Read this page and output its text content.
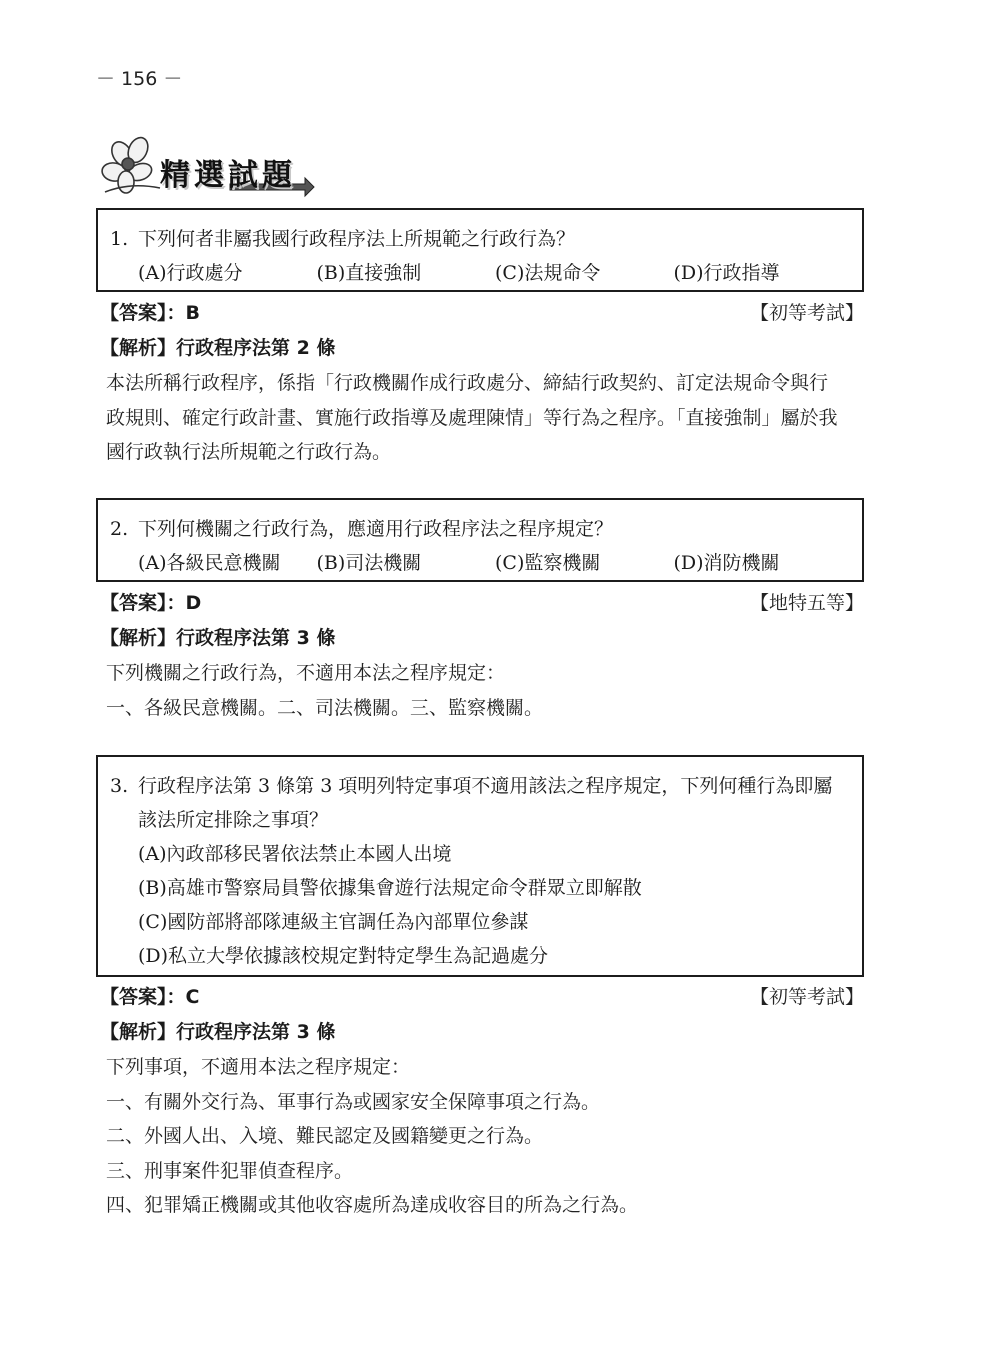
－ 156 －
精選試題
1. 下列何者非屬我國行政程序法上所規範之行政行為？
(A)行政處分	(B)直接強制	(C)法規命令	(D)行政指導
【答案】：B	【初等考試】
【解析】行政程序法第 2 條
本法所稱行政程序，係指「行政機關作成行政處分、締結行政契約、訂定法規命令與行
政規則、確定行政計畫、實施行政指導及處理陳情」等行為之程序。「直接強制」屬於我
國行政執行法所規範之行政行為。
2. 下列何機關之行政行為，應適用行政程序法之程序規定？
(A)各級民意機關	(B)司法機關	(C)監察機關	(D)消防機關
【答案】：D	【地特五等】
【解析】行政程序法第 3 條
下列機關之行政行為，不適用本法之程序規定：
一、各級民意機關。二、司法機關。三、監察機關。
3. 行政程序法第 3 條第 3 項明列特定事項不適用該法之程序規定，下列何種行為即屬
該法所定排除之事項？
(A)內政部移民署依法禁止本國人出境
(B)高雄市警察局員警依據集會遊行法規定命令群眾立即解散
(C)國防部將部隊連級主官調任為內部單位參謀
(D)私立大學依據該校規定對特定學生為記過處分
【答案】：C	【初等考試】
【解析】行政程序法第 3 條
下列事項，不適用本法之程序規定：
一、有關外交行為、軍事行為或國家安全保障事項之行為。
二、外國人出、入境、難民認定及國籍變更之行為。
三、刑事案件犯罪偵查程序。
四、犯罪矯正機關或其他收容處所為達成收容目的所為之行為。
